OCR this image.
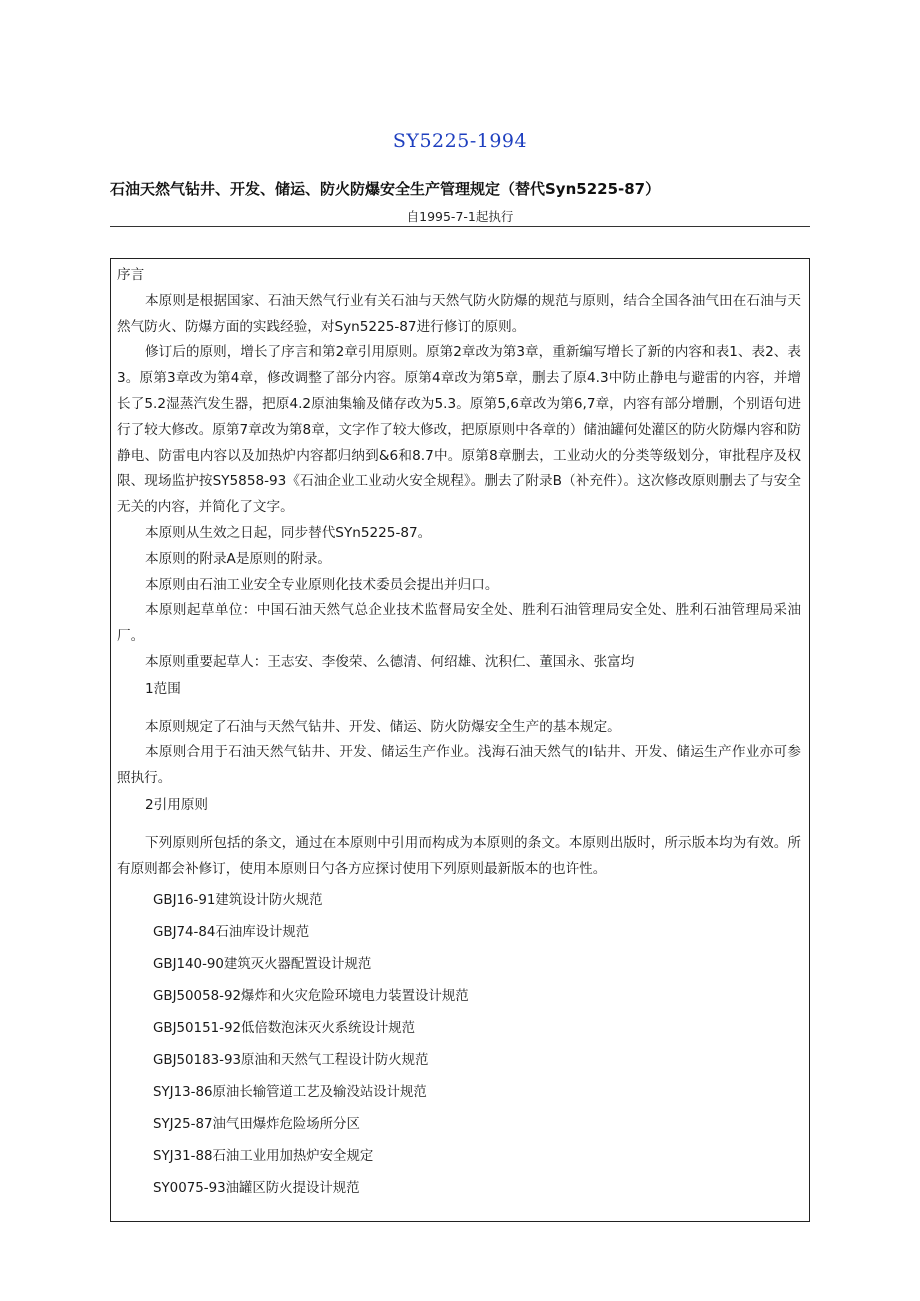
SY5225-1994
石油天然气钻井、开发、储运、防火防爆安全生产管理规定（替代Syn5225-87）
自1995-7-1起执行

序言

本原则是根据国家、石油天然气行业有关石油与天然气防火防爆的规范与原则，结合全国各油气田在石油与天然气防火、防爆方面的实践经验，对Syn5225-87进行修订的原则。

修订后的原则，增长了序言和第2章引用原则。原第2章改为第3章，重新编写增长了新的内容和表1、表2、表3。原第3章改为第4章，修改调整了部分内容。原第4章改为第5章，删去了原4.3中防止静电与避雷的内容，并增长了5.2湿蒸汽发生器，把原4.2原油集输及储存改为5.3。原第5,6章改为第6,7章，内容有部分增删，个别语句进行了较大修改。原第7章改为第8章，文字作了较大修改，把原原则中各章的）储油罐何处灌区的防火防爆内容和防静电、防雷电内容以及加热炉内容都归纳到&6和8.7中。原第8章删去，工业动火的分类等级划分，审批程序及权限、现场监护按SY5858-93《石油企业工业动火安全规程》。删去了附录B（补充件）。这次修改原则删去了与安全无关的内容，并简化了文字。

本原则从生效之日起，同步替代SYn5225-87。

本原则的附录A是原则的附录。

本原则由石油工业安全专业原则化技术委员会提出并归口。

本原则起草单位：中国石油天然气总企业技术监督局安全处、胜利石油管理局安全处、胜利石油管理局采油厂。

本原则重要起草人：王志安、李俊荣、么德清、何绍雄、沈积仁、董国永、张富均

1范围

本原则规定了石油与天然气钻井、开发、储运、防火防爆安全生产的基本规定。

本原则合用于石油天然气钻井、开发、储运生产作业。浅海石油天然气的I钻井、开发、储运生产作业亦可参照执行。

2引用原则

下列原则所包括的条文，通过在本原则中引用而构成为本原则的条文。本原则出版时，所示版本均为有效。所有原则都会补修订，使用本原则日勺各方应探讨使用下列原则最新版本的也许性。

GBJ16-91建筑设计防火规范
GBJ74-84石油库设计规范
GBJ140-90建筑灭火器配置设计规范
GBJ50058-92爆炸和火灾危险环境电力装置设计规范
GBJ50151-92低倍数泡沫灭火系统设计规范
GBJ50183-93原油和天然气工程设计防火规范
SYJ13-86原油长输管道工艺及输没站设计规范
SYJ25-87油气田爆炸危险场所分区
SYJ31-88石油工业用加热炉安全规定
SY0075-93油罐区防火提设计规范
